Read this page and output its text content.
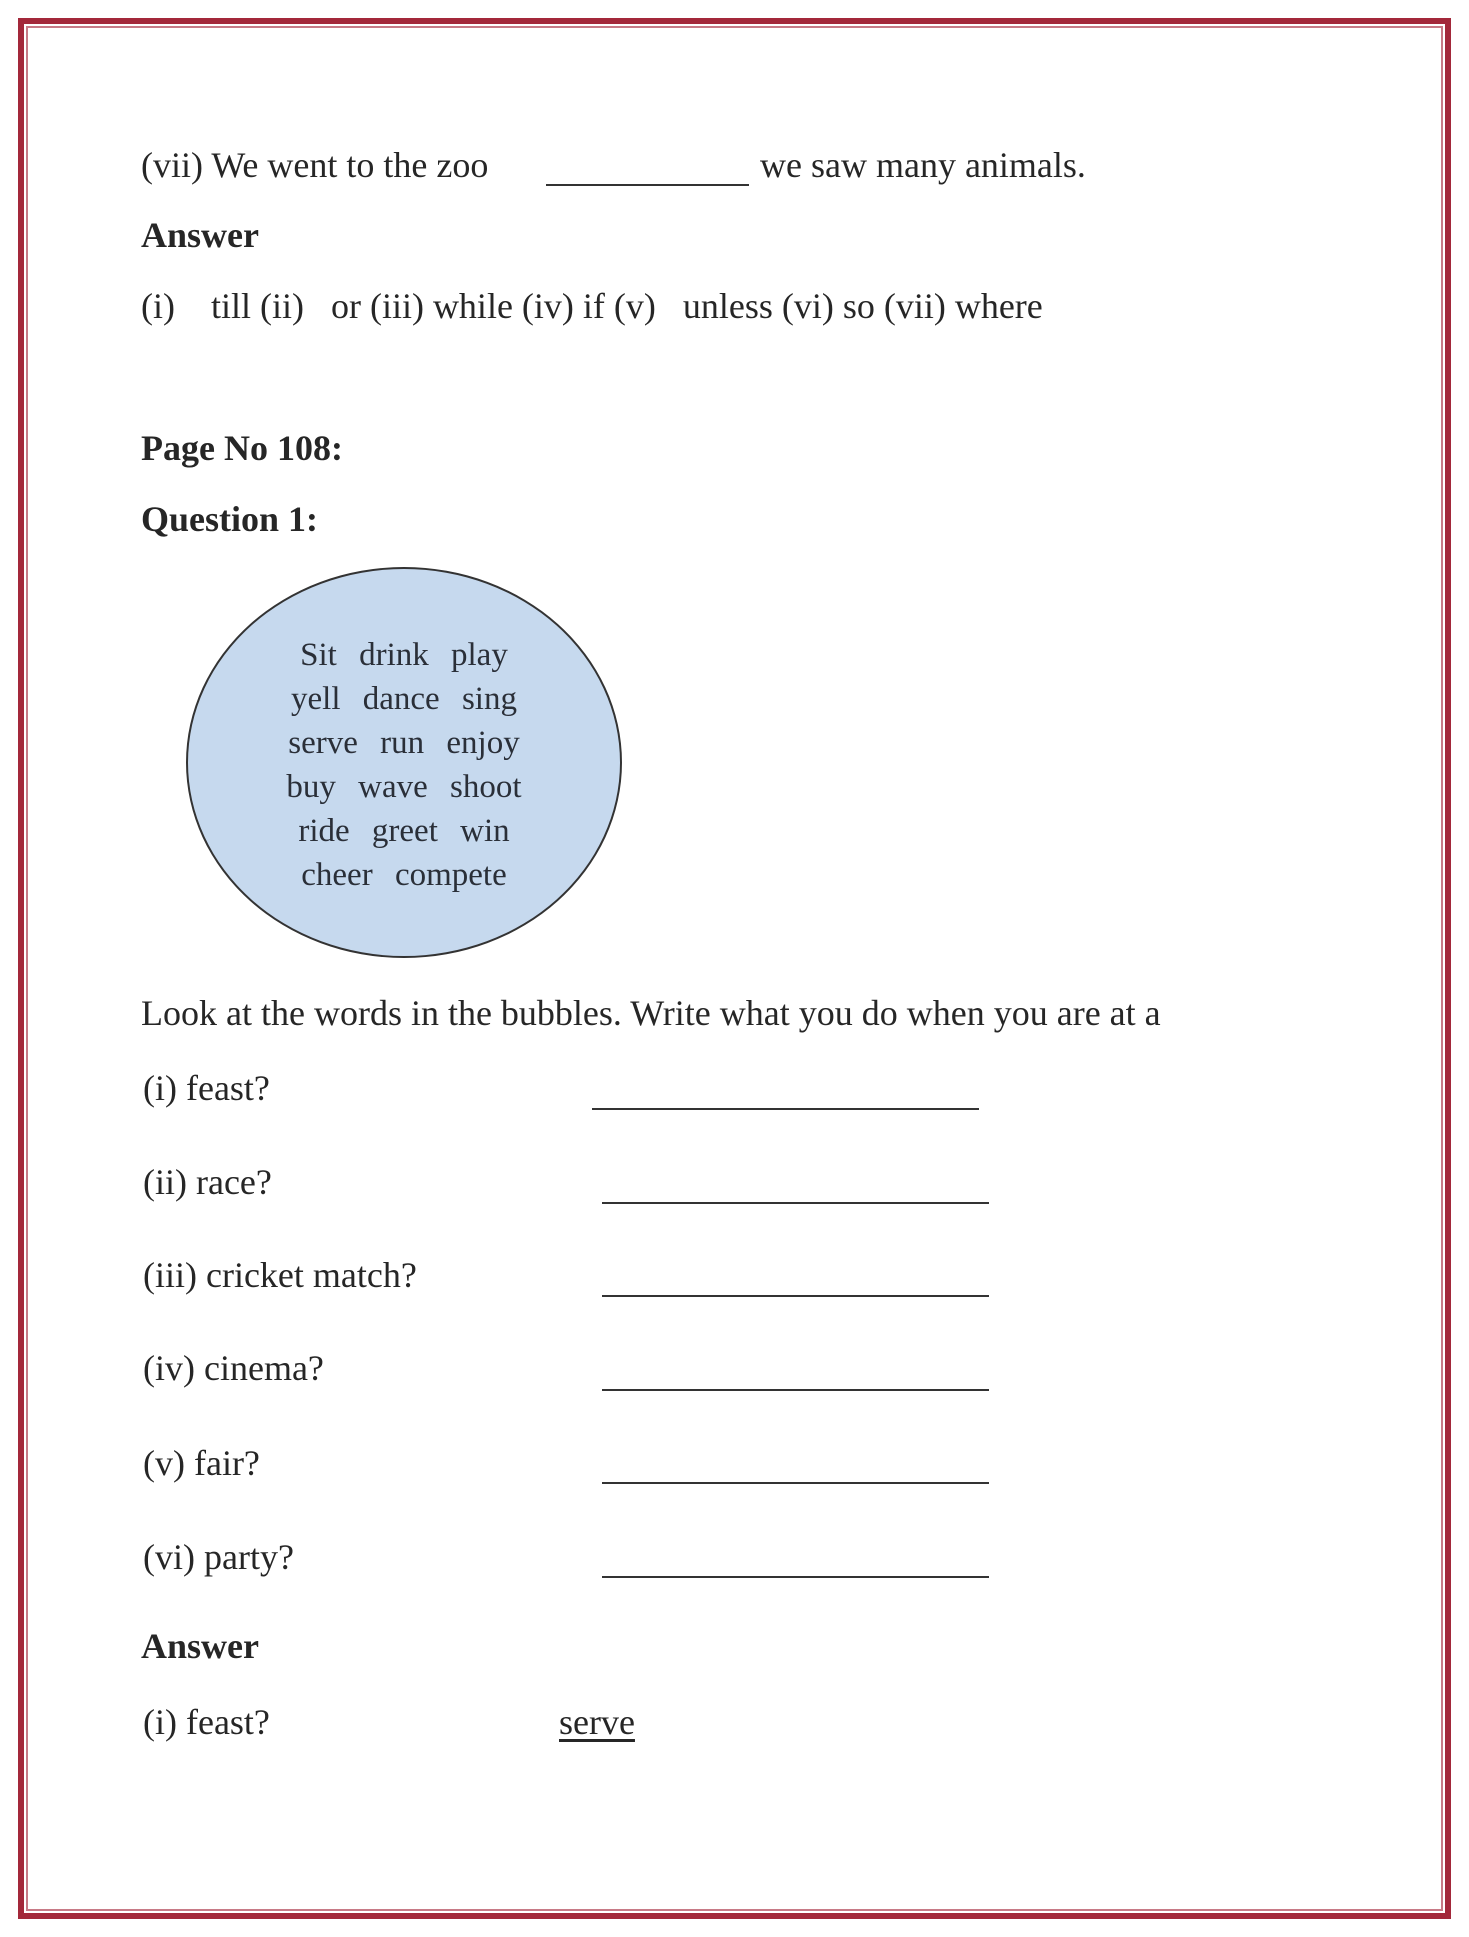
(vii) We went to the zoo	we saw many animals.
Answer
(i)    till (ii)   or (iii) while (iv) if (v)   unless (vi) so (vii) where
Page No 108:
Question 1:
Sit drink play
yell dance sing
serve run enjoy
buy wave shoot
ride greet win
cheer compete
Look at the words in the bubbles. Write what you do when you are at a
(i) feast?
(ii) race?
(iii) cricket match?
(iv) cinema?
(v) fair?
(vi) party?
Answer
(i) feast?	serve
